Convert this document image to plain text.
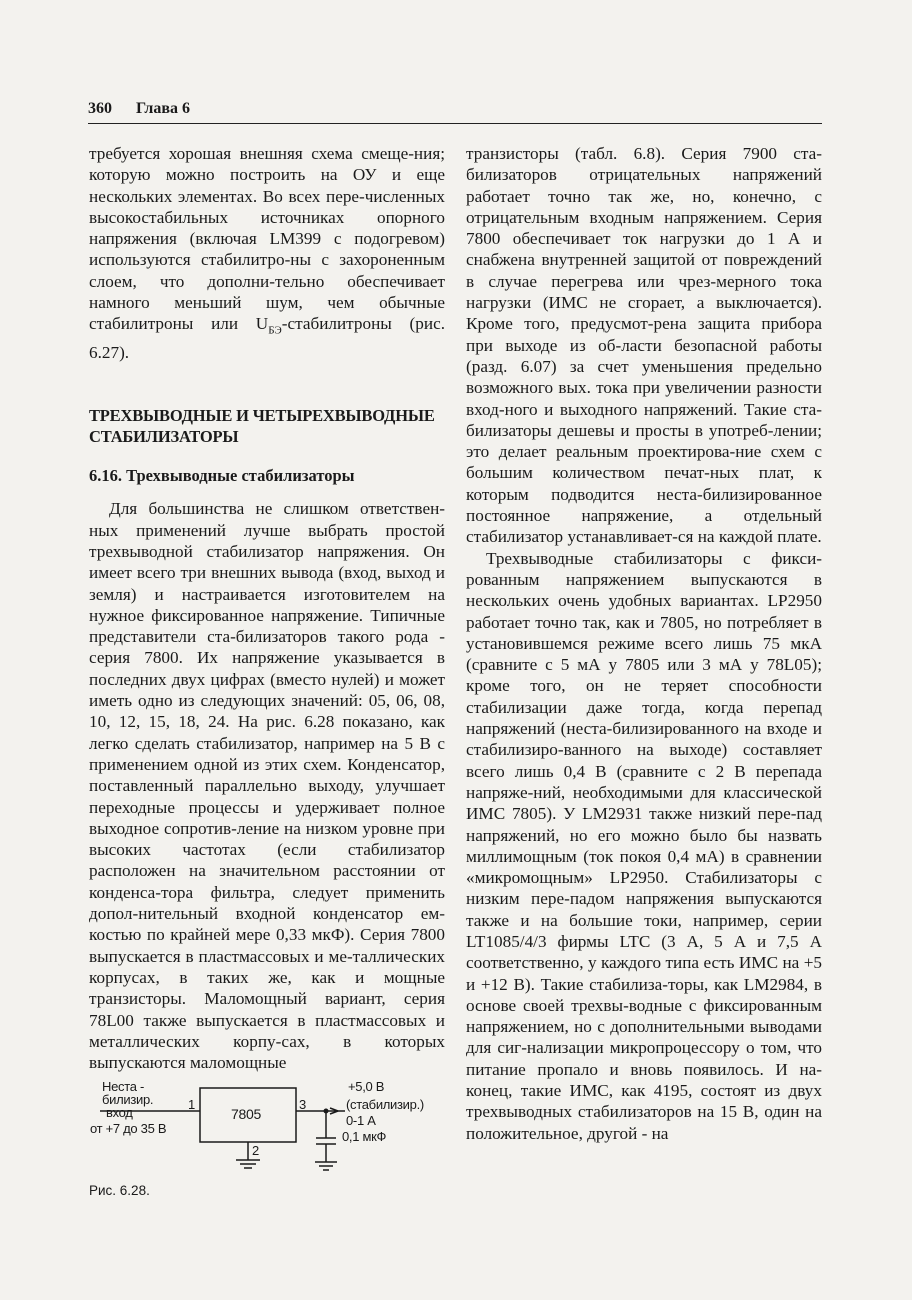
360 Глава 6

требуется хорошая внешняя схема смеще-ния; которую можно построить на ОУ и еще нескольких элементах. Во всех пере-численных высокостабильных источниках опорного напряжения (включая LM399 с подогревом) используются стабилитро-ны с захороненным слоем, что дополни-тельно обеспечивает намного меньший шум, чем обычные стабилитроны или $U_{БЭ}$-стабилитроны (рис. 6.27).

ТРЕХВЫВОДНЫЕ И ЧЕТЫРЕХВЫВОДНЫЕ СТАБИЛИЗАТОРЫ
6.16. Трехвыводные стабилизаторы

Для большинства не слишком ответствен-ных применений лучше выбрать простой трехвыводной стабилизатор напряжения. Он имеет всего три внешних вывода (вход, выход и земля) и настраивается изготовителем на нужное фиксированное напряжение. Типичные представители ста-билизаторов такого рода - серия 7800. Их напряжение указывается в последних двух цифрах (вместо нулей) и может иметь одно из следующих значений: 05, 06, 08, 10, 12, 15, 18, 24. На рис. 6.28 показано, как легко сделать стабилизатор, например на 5 В с применением одной из этих схем. Конденсатор, поставленный параллельно выходу, улучшает переходные процессы и удерживает полное выходное сопротив-ление на низком уровне при высоких частотах (если стабилизатор расположен на значительном расстоянии от конденса-тора фильтра, следует применить допол-нительный входной конденсатор ем-костью по крайней мере 0,33 мкФ). Серия 7800 выпускается в пластмассовых и ме-таллических корпусах, в таких же, как и мощные транзисторы. Маломощный вариант, серия 78L00 также выпускается в пластмассовых и металлических корпу-сах, в которых выпускаются маломощные

транзисторы (табл. 6.8). Серия 7900 ста-билизаторов отрицательных напряжений работает точно так же, но, конечно, с отрицательным входным напряжением. Серия 7800 обеспечивает ток нагрузки до 1 А и снабжена внутренней защитой от повреждений в случае перегрева или чрез-мерного тока нагрузки (ИМС не сгорает, а выключается). Кроме того, предусмот-рена защита прибора при выходе из об-ласти безопасной работы (разд. 6.07) за счет уменьшения предельно возможного вых. тока при увеличении разности вход-ного и выходного напряжений. Такие ста-билизаторы дешевы и просты в употреб-лении; это делает реальным проектирова-ние схем с большим количеством печат-ных плат, к которым подводится неста-билизированное постоянное напряжение, а отдельный стабилизатор устанавливает-ся на каждой плате.

Трехвыводные стабилизаторы с фикси-рованным напряжением выпускаются в нескольких очень удобных вариантах. LP2950 работает точно так, как и 7805, но потребляет в установившемся режиме всего лишь 75 мкА (сравните с 5 мА у 7805 или 3 мА у 78L05); кроме того, он не теряет способности стабилизации даже тогда, когда перепад напряжений (неста-билизированного на входе и стабилизиро-ванного на выходе) составляет всего лишь 0,4 В (сравните с 2 В перепада напряже-ний, необходимыми для классической ИМС 7805). У LM2931 также низкий пере-пад напряжений, но его можно было бы назвать миллимощным (ток покоя 0,4 мА) в сравнении «микромощным» LP2950. Стабилизаторы с низким пере-падом напряжения выпускаются также и на большие токи, например, серии LT1085/4/3 фирмы LTC (3 А, 5 А и 7,5 А соответственно, у каждого типа есть ИМС на +5 и +12 В). Такие стабилиза-торы, как LM2984, в основе своей трехвы-водные с фиксированным напряжением, но с дополнительными выводами для сиг-нализации микропроцессору о том, что питание пропало и вновь появилось. И на-конец, такие ИМС, как 4195, состоят из двух трехвыводных стабилизаторов на 15 В, один на положительное, другой - на

Неста -
билизир.
вход
от +7 до 35 В
1
7805
3
2
+5,0 В
(стабилизир.)
0-1 А
0,1 мкФ
Рис. 6.28.
